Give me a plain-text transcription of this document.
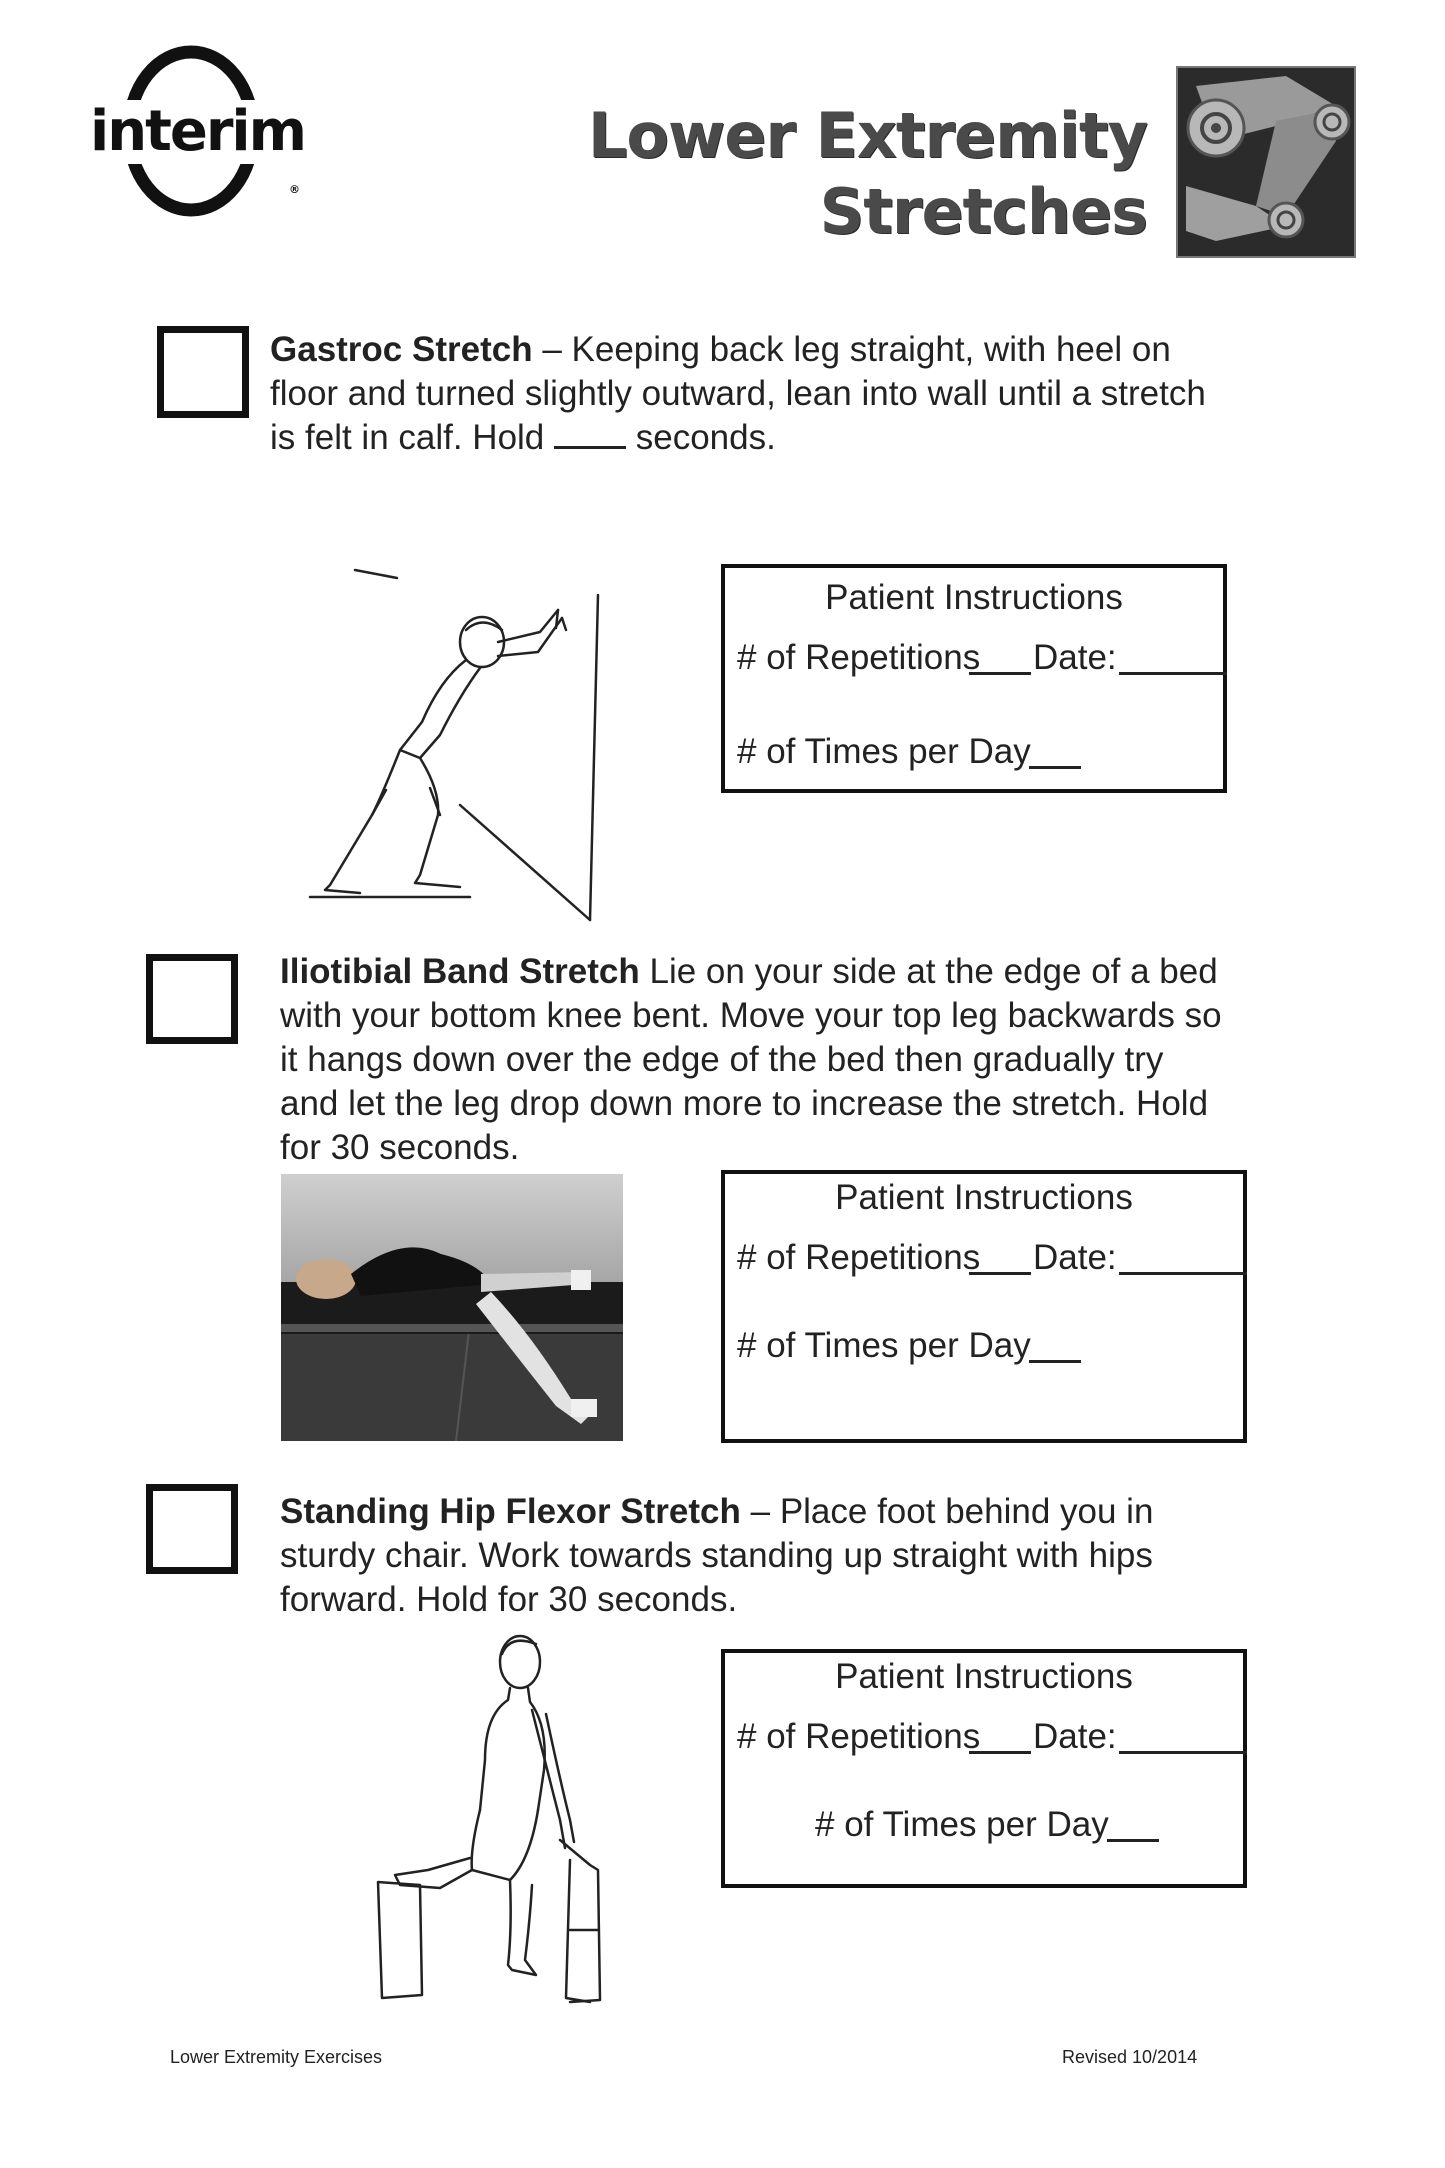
interim
®
Lower Extremity
Stretches
Gastroc Stretch – Keeping back leg straight, with heel on floor and turned slightly outward, lean into wall until a stretch is felt in calf. Hold  seconds.
Patient Instructions
# of Repetitions Date:
# of Times per Day
Iliotibial Band Stretch Lie on your side at the edge of a bed with your bottom knee bent. Move your top leg backwards so it hangs down over the edge of the bed then gradually try and let the leg drop down more to increase the stretch. Hold for 30 seconds.
Patient Instructions
# of Repetitions Date:
# of Times per Day
Standing Hip Flexor Stretch – Place foot behind you in sturdy chair. Work towards standing up straight with hips forward. Hold for 30 seconds.
Patient Instructions
# of Repetitions Date:
# of Times per Day
Lower Extremity Exercises	Revised 10/2014
